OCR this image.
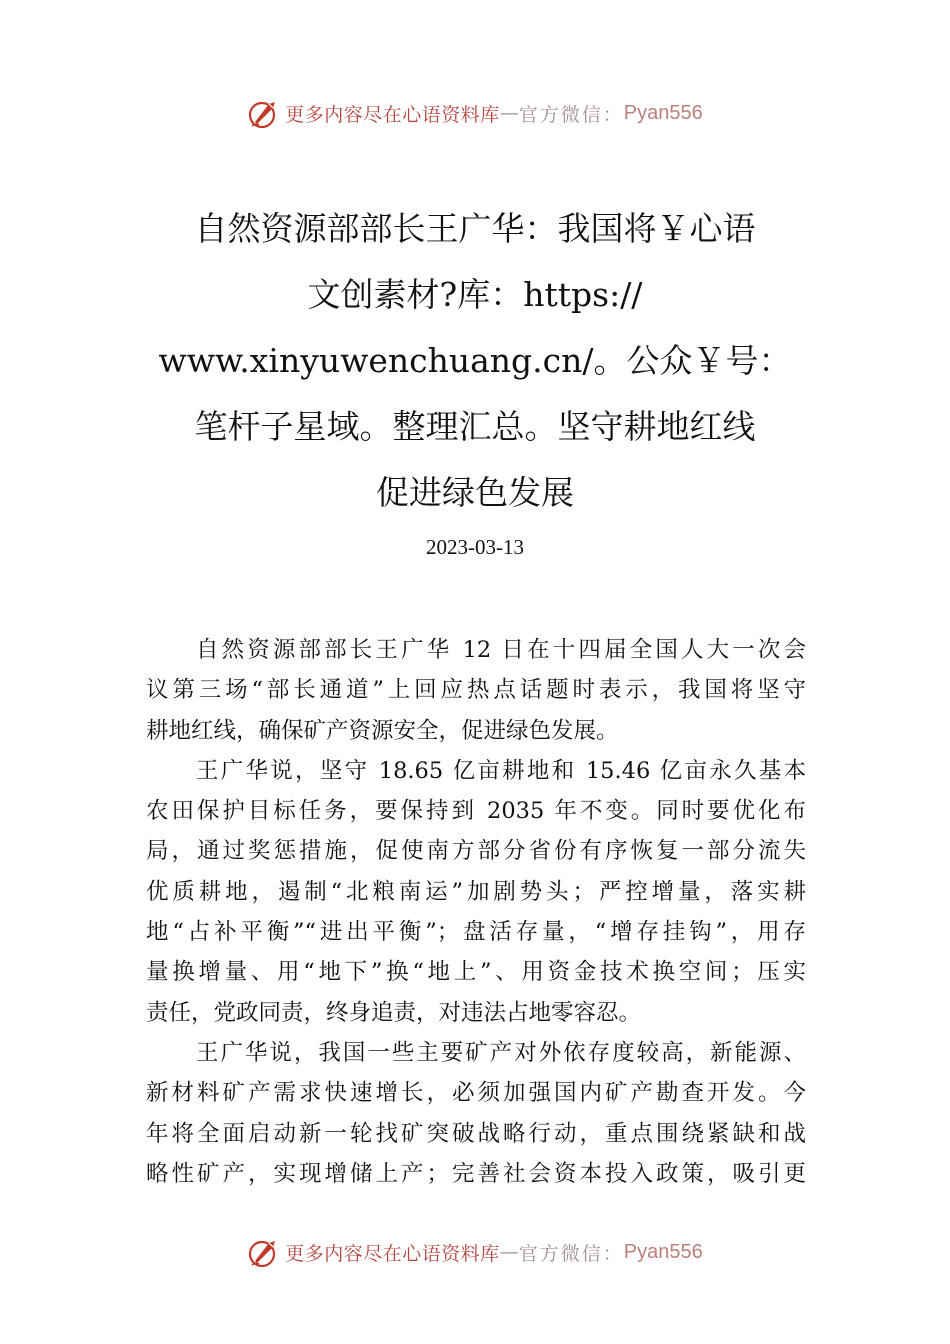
更多内容尽在心语资料库 — 官方微信： Pyan556
自然资源部部长王广华：我国将￥心语
文创素材?库：https://
www.xinyuwenchuang.cn/。公众￥号：
笔杆子星域。整理汇总。坚守耕地红线
促进绿色发展
2023-03-13
自然资源部部长王广华 12 日在十四届全国人大一次会
议第三场“部长通道”上回应热点话题时表示，我国将坚守
耕地红线，确保矿产资源安全，促进绿色发展。
王广华说，坚守 18.65 亿亩耕地和 15.46 亿亩永久基本
农田保护目标任务，要保持到 2035 年不变。同时要优化布
局，通过奖惩措施，促使南方部分省份有序恢复一部分流失
优质耕地，遏制“北粮南运”加剧势头；严控增量，落实耕
地“占补平衡”“进出平衡”；盘活存量，“增存挂钩”，用存
量换增量、用“地下”换“地上”、用资金技术换空间；压实
责任，党政同责，终身追责，对违法占地零容忍。
王广华说，我国一些主要矿产对外依存度较高，新能源、
新材料矿产需求快速增长，必须加强国内矿产勘查开发。今
年将全面启动新一轮找矿突破战略行动，重点围绕紧缺和战
略性矿产，实现增储上产；完善社会资本投入政策，吸引更
更多内容尽在心语资料库 — 官方微信： Pyan556
